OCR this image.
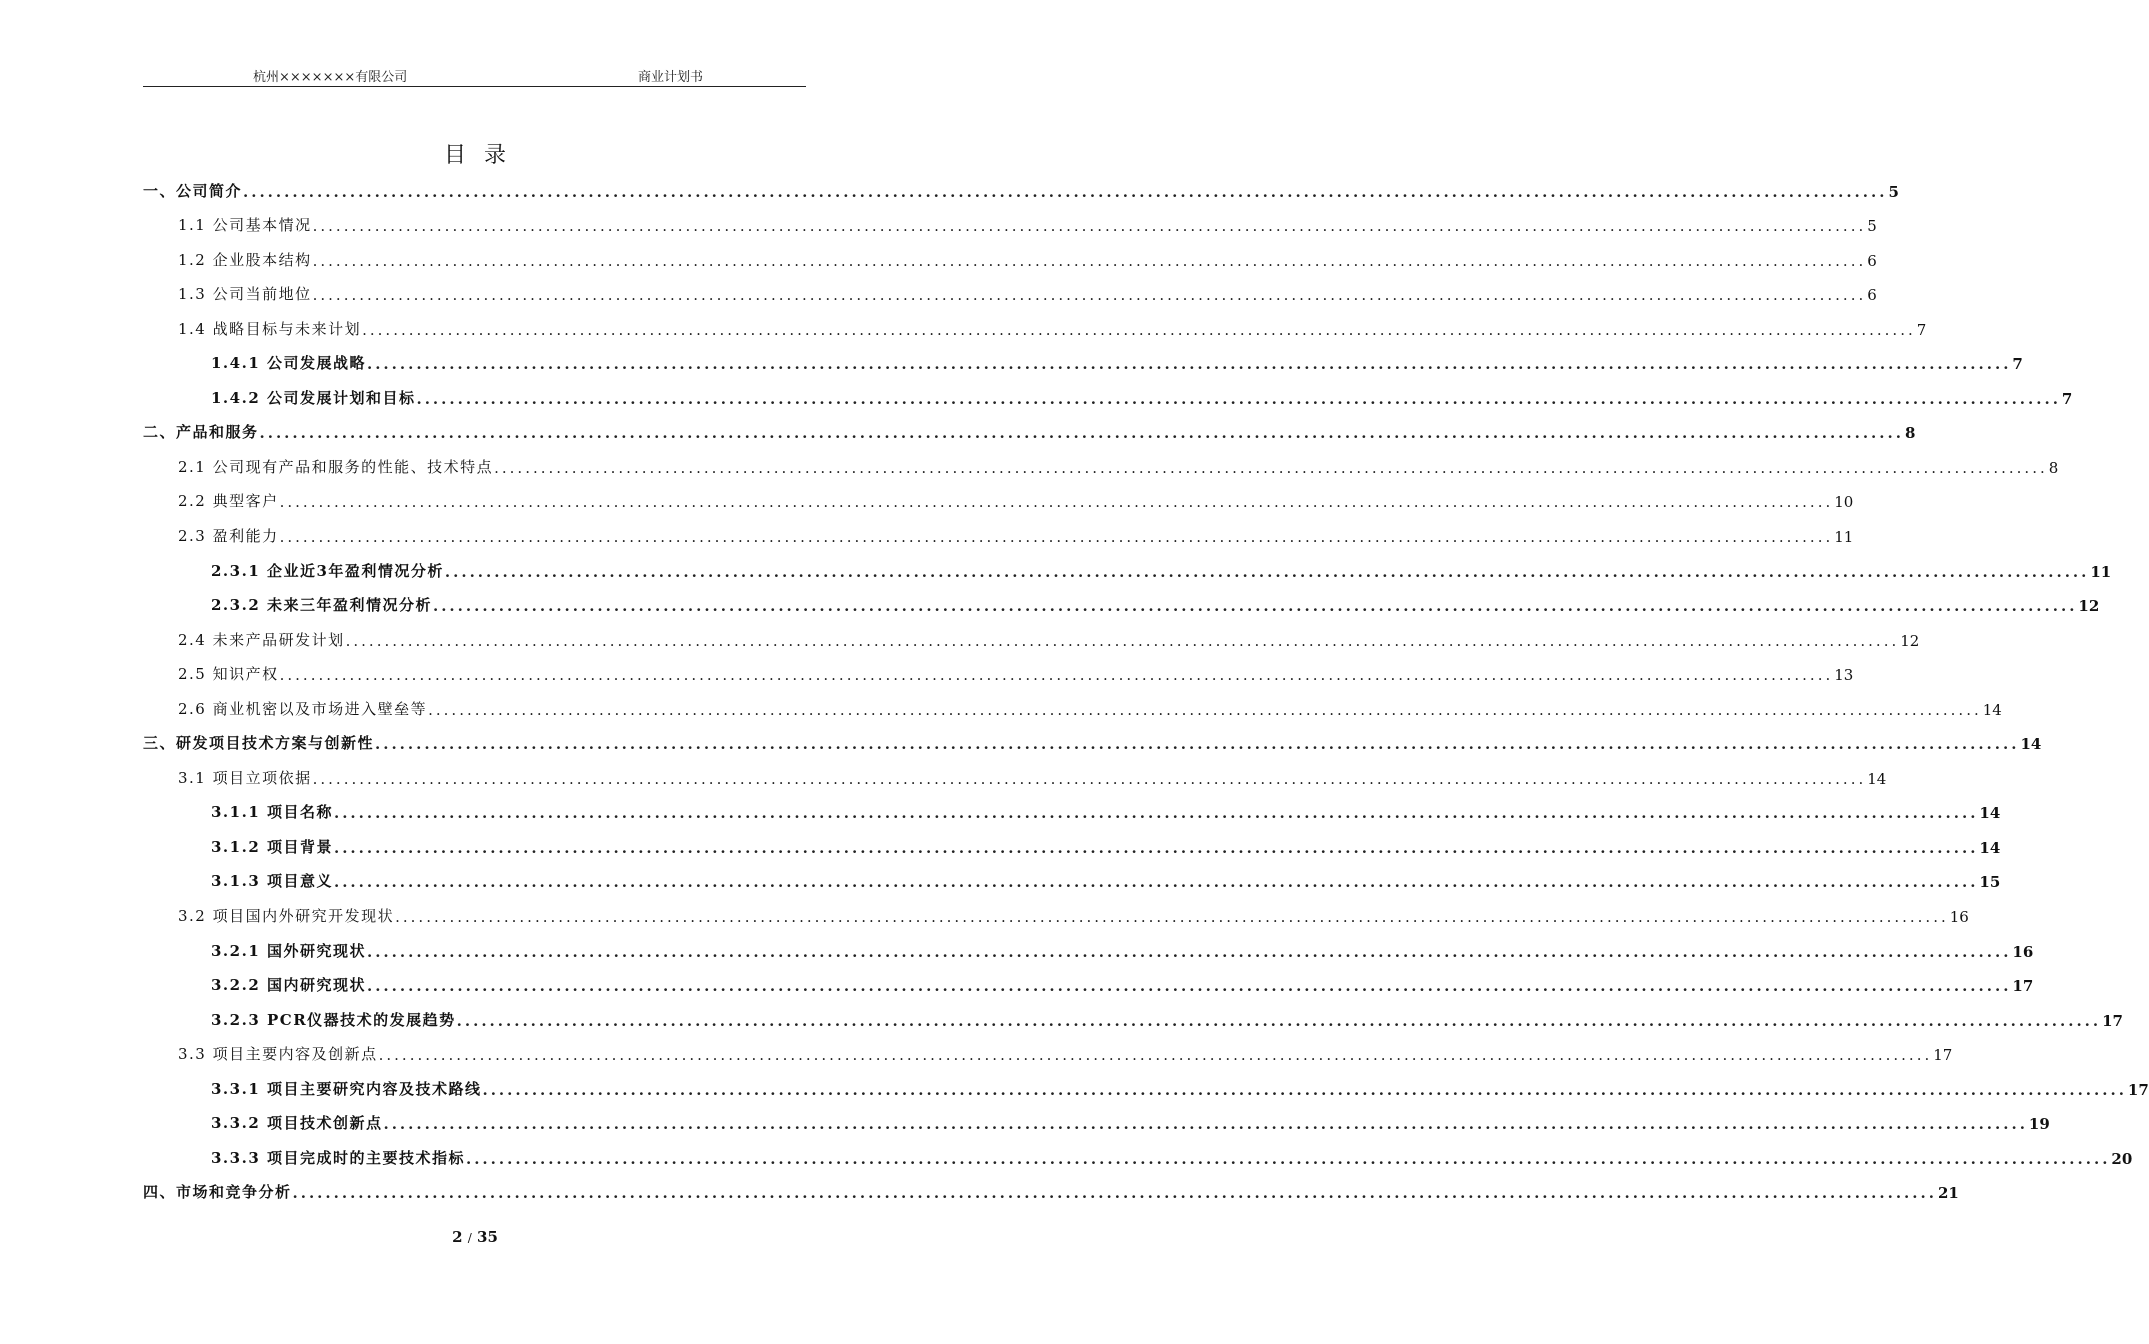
杭州×××××××有限公司	商业计划书
目录
一、公司简介 ........................................................................................................................................................................................................ 5
1.1 公司基本情况 ........................................................................................................................................................................................................ 5
1.2 企业股本结构 ........................................................................................................................................................................................................ 6
1.3 公司当前地位 ........................................................................................................................................................................................................ 6
1.4 战略目标与未来计划 ........................................................................................................................................................................................................ 7
1.4.1 公司发展战略 ........................................................................................................................................................................................................ 7
1.4.2 公司发展计划和目标 ........................................................................................................................................................................................................ 7
二、产品和服务 ........................................................................................................................................................................................................ 8
2.1 公司现有产品和服务的性能、技术特点 ........................................................................................................................................................................................................ 8
2.2 典型客户 ........................................................................................................................................................................................................ 10
2.3 盈利能力 ........................................................................................................................................................................................................ 11
2.3.1 企业近3年盈利情况分析 ........................................................................................................................................................................................................ 11
2.3.2 未来三年盈利情况分析 ........................................................................................................................................................................................................ 12
2.4 未来产品研发计划 ........................................................................................................................................................................................................ 12
2.5 知识产权 ........................................................................................................................................................................................................ 13
2.6 商业机密以及市场进入壁垒等 ........................................................................................................................................................................................................ 14
三、研发项目技术方案与创新性 ........................................................................................................................................................................................................ 14
3.1 项目立项依据 ........................................................................................................................................................................................................ 14
3.1.1 项目名称 ........................................................................................................................................................................................................ 14
3.1.2 项目背景 ........................................................................................................................................................................................................ 14
3.1.3 项目意义 ........................................................................................................................................................................................................ 15
3.2 项目国内外研究开发现状 ........................................................................................................................................................................................................ 16
3.2.1 国外研究现状 ........................................................................................................................................................................................................ 16
3.2.2 国内研究现状 ........................................................................................................................................................................................................ 17
3.2.3 PCR仪器技术的发展趋势 ........................................................................................................................................................................................................ 17
3.3 项目主要内容及创新点 ........................................................................................................................................................................................................ 17
3.3.1 项目主要研究内容及技术路线 ........................................................................................................................................................................................................ 17
3.3.2 项目技术创新点 ........................................................................................................................................................................................................ 19
3.3.3 项目完成时的主要技术指标 ........................................................................................................................................................................................................ 20
四、市场和竞争分析 ........................................................................................................................................................................................................ 21
2 / 35
